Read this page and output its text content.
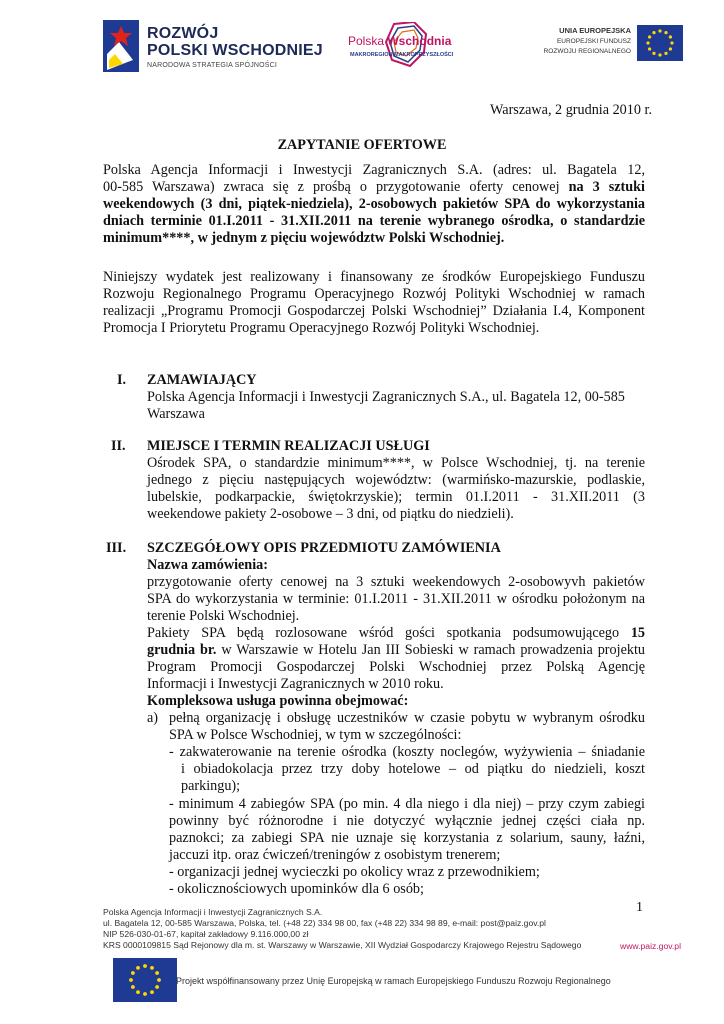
ROZWÓJ
POLSKI WSCHODNIEJ
NARODOWA STRATEGIA SPÓJNOŚCI
Polska Wschodnia
MAKROREGION MAKROPRZYSZŁOŚCI
UNIA EUROPEJSKA
EUROPEJSKI FUNDUSZ
ROZWOJU REGIONALNEGO
Warszawa, 2 grudnia 2010 r.
ZAPYTANIE OFERTOWE
Polska Agencja Informacji i Inwestycji Zagranicznych S.A. (adres: ul. Bagatela 12,
00-585 Warszawa) zwraca się z prośbą o przygotowanie oferty cenowej na 3 sztuki
weekendowych (3 dni, piątek-niedziela), 2-osobowych pakietów SPA do wykorzystania
dniach terminie 01.I.2011 - 31.XII.2011 na terenie wybranego ośrodka, o standardzie
minimum****, w jednym z pięciu województw Polski Wschodniej.
Niniejszy wydatek jest realizowany i finansowany ze środków Europejskiego Funduszu
Rozwoju Regionalnego Programu Operacyjnego Rozwój Polityki Wschodniej w ramach
realizacji „Programu Promocji Gospodarczej Polski Wschodniej” Działania I.4, Komponent
Promocja I Priorytetu Programu Operacyjnego Rozwój Polityki Wschodniej.
I. ZAMAWIAJĄCY
Polska Agencja Informacji i Inwestycji Zagranicznych S.A., ul. Bagatela 12, 00-585
Warszawa
II. MIEJSCE I TERMIN REALIZACJI USŁUGI
Ośrodek SPA, o standardzie minimum****, w Polsce Wschodniej, tj. na terenie
jednego z pięciu następujących województw: (warmińsko-mazurskie, podlaskie,
lubelskie, podkarpackie, świętokrzyskie); termin 01.I.2011 - 31.XII.2011 (3
weekendowe pakiety 2-osobowe – 3 dni, od piątku do niedzieli).
III. SZCZEGÓŁOWY OPIS PRZEDMIOTU ZAMÓWIENIA
Nazwa zamówienia:
przygotowanie oferty cenowej na 3 sztuki weekendowych 2-osobowyvh pakietów
SPA do wykorzystania w terminie: 01.I.2011 - 31.XII.2011 w ośrodku położonym na
terenie Polski Wschodniej.
Pakiety SPA będą rozlosowane wśród gości spotkania podsumowującego 15
grudnia br. w Warszawie w Hotelu Jan III Sobieski w ramach prowadzenia projektu
Program Promocji Gospodarczej Polski Wschodniej przez Polską Agencję
Informacji i Inwestycji Zagranicznych w 2010 roku.
Kompleksowa usługa powinna obejmować:
a) pełną organizację i obsługę uczestników w czasie pobytu w wybranym ośrodku
SPA w Polsce Wschodniej, w tym w szczególności:
- zakwaterowanie na terenie ośrodka (koszty noclegów, wyżywienia – śniadanie
i obiadokolacja przez trzy doby hotelowe – od piątku do niedzieli, koszt
parkingu);
- minimum 4 zabiegów SPA (po min. 4 dla niego i dla niej) – przy czym zabiegi
powinny być różnorodne i nie dotyczyć wyłącznie jednej części ciała np.
paznokci; za zabiegi SPA nie uznaje się korzystania z solarium, sauny, łaźni,
jaccuzi itp. oraz ćwiczeń/treningów z osobistym trenerem;
- organizacji jednej wycieczki po okolicy wraz z przewodnikiem;
- okolicznościowych upominków dla 6 osób;
Polska Agencja Informacji i Inwestycji Zagranicznych S.A.
ul. Bagatela 12, 00-585 Warszawa, Polska, tel. (+48 22) 334 98 00, fax (+48 22) 334 98 89, e-mail: post@paiz.gov.pl
NIP 526-030-01-67, kapitał zakładowy 9.116.000,00 zł
KRS 0000109815 Sąd Rejonowy dla m. st. Warszawy w Warszawie, XII Wydział Gospodarczy Krajowego Rejestru Sądowego
1
www.paiz.gov.pl
Projekt współfinansowany przez Unię Europejską w ramach Europejskiego Funduszu Rozwoju Regionalnego
